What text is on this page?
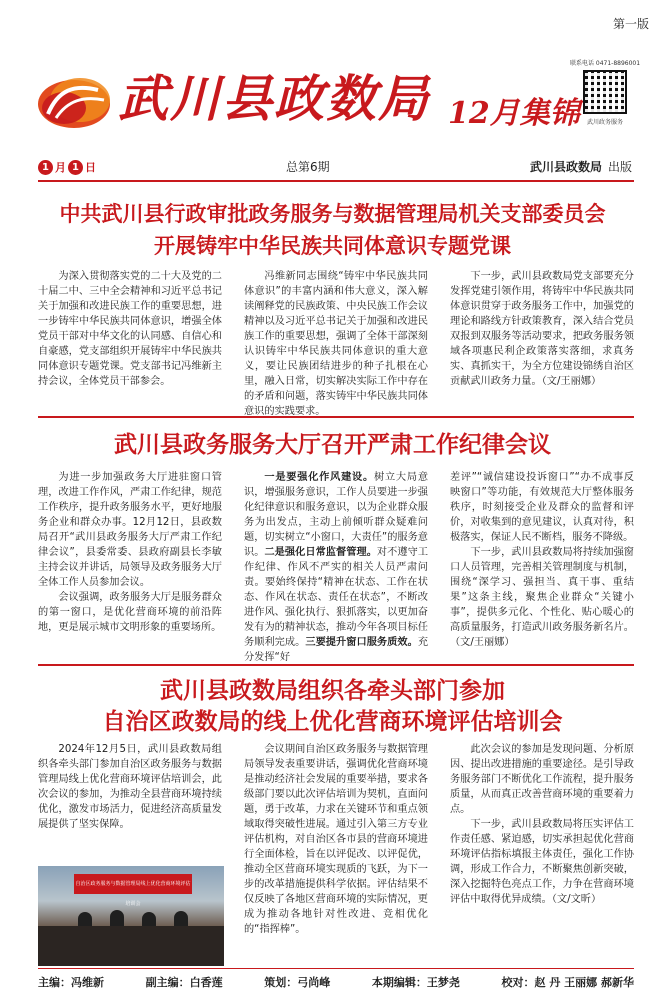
第一版
武川县政数局 12月集锦
联系电话 0471-8896001
武川政务服务
1 月 1 日	总第6期	武川县政数局 出版
中共武川县行政审批政务服务与数据管理局机关支部委员会
开展铸牢中华民族共同体意识专题党课
为深入贯彻落实党的二十大及党的二十届二中、三中全会精神和习近平总书记关于加强和改进民族工作的重要思想，进一步铸牢中华民族共同体意识，增强全体党员干部对中华文化的认同感、自信心和自豪感，党支部组织开展铸牢中华民族共同体意识专题党课。党支部书记冯维新主持会议，全体党员干部参会。
冯维新同志围绕“铸牢中华民族共同体意识”的丰富内涵和伟大意义，深入解读阐释党的民族政策、中央民族工作会议精神以及习近平总书记关于加强和改进民族工作的重要思想，强调了全体干部深刻认识铸牢中华民族共同体意识的重大意义，要让民族团结进步的种子扎根在心里，融入日常，切实解决实际工作中存在的矛盾和问题，落实铸牢中华民族共同体意识的实践要求。
下一步，武川县政数局党支部要充分发挥党建引领作用，将铸牢中华民族共同体意识贯穿于政务服务工作中，加强党的理论和路线方针政策教育，深入结合党员双报到双服务等活动要求，把政务服务领域各项惠民利企政策落实落细，求真务实、真抓实干，为全方位建设锦绣自治区贡献武川政务力量。（文/王丽娜）
武川县政务服务大厅召开严肃工作纪律会议

为进一步加强政务大厅进驻窗口管理，改进工作作风，严肃工作纪律，规范工作秩序，提升政务服务水平，更好地服务企业和群众办事。12月12日，县政数局召开“武川县政务服务大厅严肃工作纪律会议”，县委常委、县政府副县长李敏主持会议并讲话，局领导及政务服务大厅全体工作人员参加会议。

会议强调，政务服务大厅是服务群众的第一窗口，是优化营商环境的前沿阵地，更是展示城市文明形象的重要场所。

一是要强化作风建设。树立大局意识，增强服务意识，工作人员要进一步强化纪律意识和服务意识，以为企业群众服务为出发点，主动上前倾听群众疑难问题，切实树立“小窗口，大责任”的服务意识。二是强化日常监督管理。对不遵守工作纪律、作风不严实的相关人员严肃问责。要始终保持“精神在状态、工作在状态、作风在状态、责任在状态”，不断改进作风、强化执行、狠抓落实，以更加奋发有为的精神状态，推动今年各项目标任务顺利完成。三要提升窗口服务质效。充分发挥“好

差评”“诚信建设投诉窗口”“办不成事反映窗口”等功能，有效规范大厅整体服务秩序，时刻接受企业及群众的监督和评价，对收集到的意见建议，认真对待，积极落实，保证人民不断档，服务不降级。

下一步，武川县政数局将持续加强窗口人员管理，完善相关管理制度与机制，围绕“深学习、强担当、真干事、重结果”这条主线，聚焦企业群众“关键小事”，提供多元化、个性化、贴心暖心的高质量服务，打造武川政务服务新名片。（文/王丽娜）

武川县政数局组织各牵头部门参加
自治区政数局的线上优化营商环境评估培训会
2024年12月5日，武川县政数局组织各牵头部门参加自治区政务服务与数据管理局线上优化营商环境评估培训会，此次会议的参加，为推动全县营商环境持续优化，激发市场活力，促进经济高质量发展提供了坚实保障。
会议期间自治区政务服务与数据管理局领导发表重要讲话，强调优化营商环境是推动经济社会发展的重要举措，要求各级部门要以此次评估培训为契机，直面问题，勇于改革，力求在关键环节和重点领域取得突破性进展。通过引入第三方专业评估机构，对自治区各市县的营商环境进行全面体检，旨在以评促改、以评促优，推动全区营商环境实现质的飞跃，为下一步的改革措施提供科学依据。评估结果不仅反映了各地区营商环境的实际情况，更成为推动各地针对性改进、竞相优化的“指挥棒”。

此次会议的参加是发现问题、分析原因、提出改进措施的重要途径。是引导政务服务部门不断优化工作流程，提升服务质量，从而真正改善营商环境的重要着力点。

下一步，武川县政数局将压实评估工作责任感、紧迫感，切实承担起优化营商环境评估指标填报主体责任，强化工作协调，形成工作合力，不断聚焦创新突破，深入挖掘特色亮点工作，力争在营商环境评估中取得优异成绩。（文/文昕）

自治区政务服务与数据管理局线上优化营商环境评估培训会
主编：冯维新	副主编：白香莲	策划：弓尚峰	本期编辑：王梦尧	校对：赵 丹 王丽娜 郝新华
